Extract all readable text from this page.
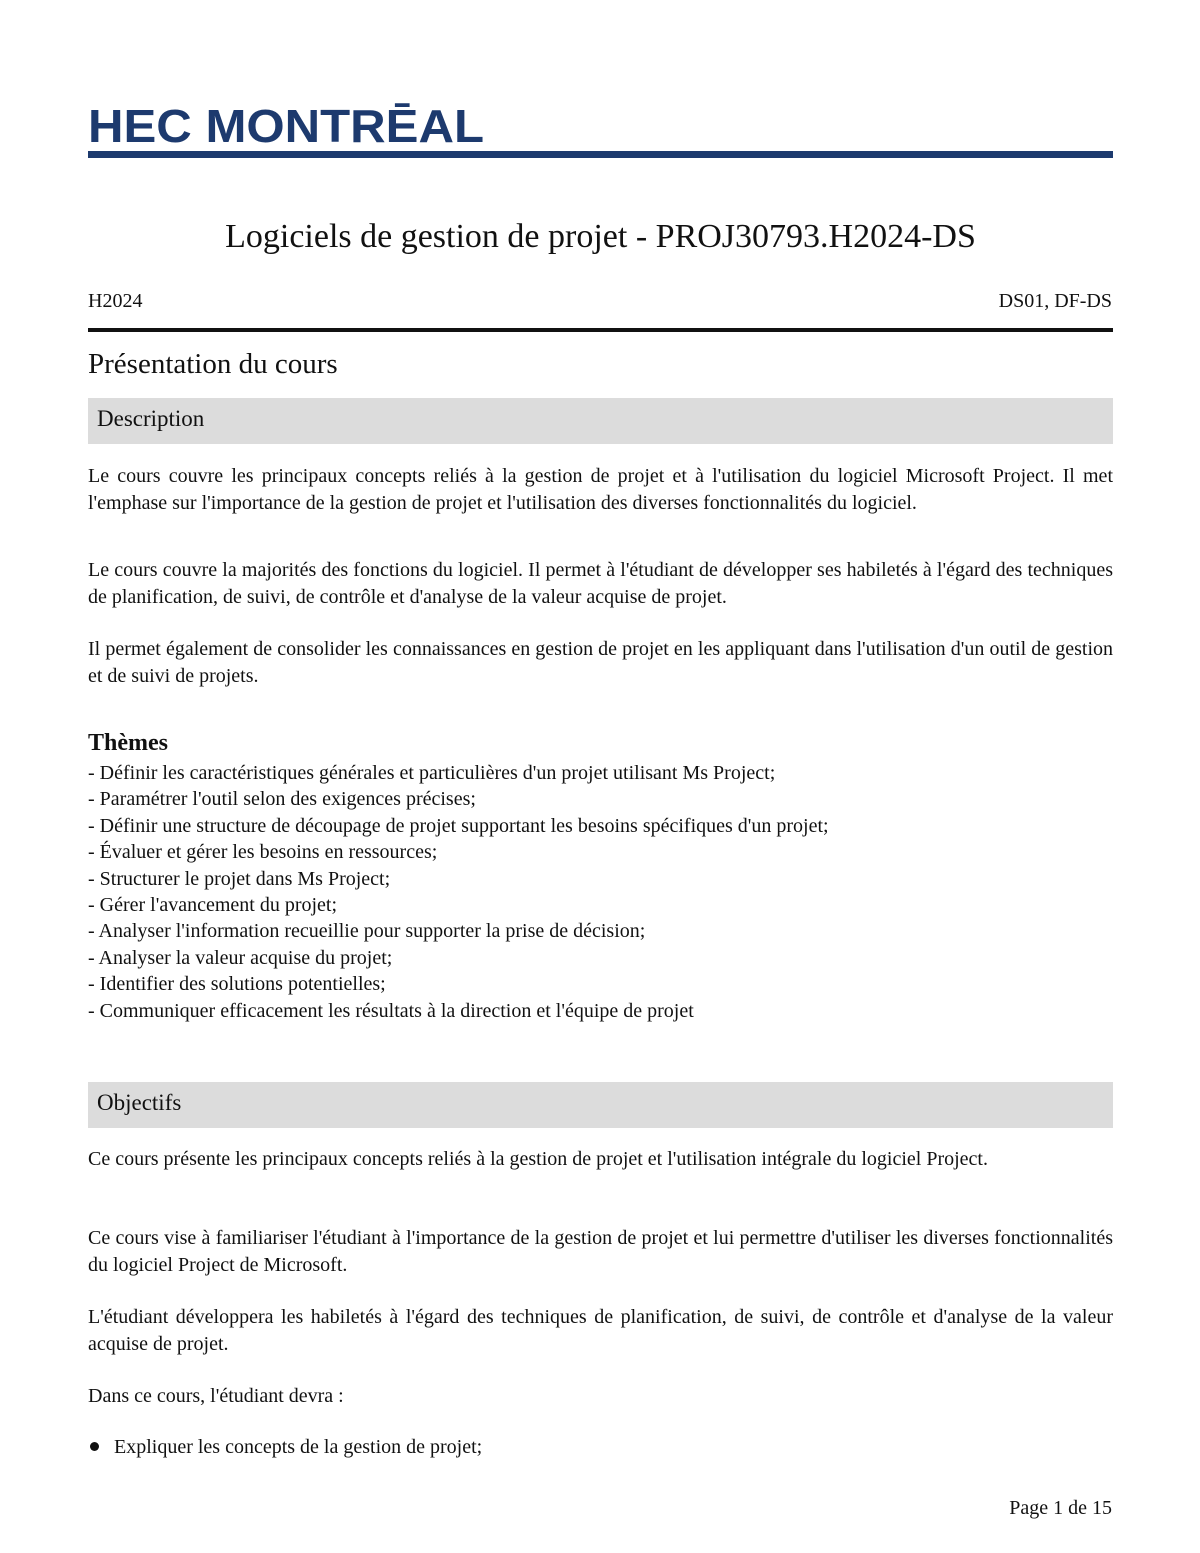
HEC MONTRĒAL
Logiciels de gestion de projet - PROJ30793.H2024-DS
H2024	DS01, DF-DS
Présentation du cours
Description

Le cours couvre les principaux concepts reliés à la gestion de projet et à l'utilisation du logiciel Microsoft Project. Il met l'emphase sur l'importance de la gestion de projet et l'utilisation des diverses fonctionnalités du logiciel.

Le cours couvre la majorités des fonctions du logiciel. Il permet à l'étudiant de développer ses habiletés à l'égard des techniques de planification, de suivi, de contrôle et d'analyse de la valeur acquise de projet.

Il permet également de consolider les connaissances en gestion de projet en les appliquant dans l'utilisation d'un outil de gestion et de suivi de projets.

Thèmes
- Définir les caractéristiques générales et particulières d'un projet utilisant Ms Project;
- Paramétrer l'outil selon des exigences précises;
- Définir une structure de découpage de projet supportant les besoins spécifiques d'un projet;
- Évaluer et gérer les besoins en ressources;
- Structurer le projet dans Ms Project;
- Gérer l'avancement du projet;
- Analyser l'information recueillie pour supporter la prise de décision;
- Analyser la valeur acquise du projet;
- Identifier des solutions potentielles;
- Communiquer efficacement les résultats à la direction et l'équipe de projet
Objectifs

Ce cours présente les principaux concepts reliés à la gestion de projet et l'utilisation intégrale du logiciel Project.

Ce cours vise à familiariser l'étudiant à l'importance de la gestion de projet et lui permettre d'utiliser les diverses fonctionnalités du logiciel Project de Microsoft.

L'étudiant développera les habiletés à l'égard des techniques de planification, de suivi, de contrôle et d'analyse de la valeur acquise de projet.

Dans ce cours, l'étudiant devra :

Expliquer les concepts de la gestion de projet;
Page 1 de 15
